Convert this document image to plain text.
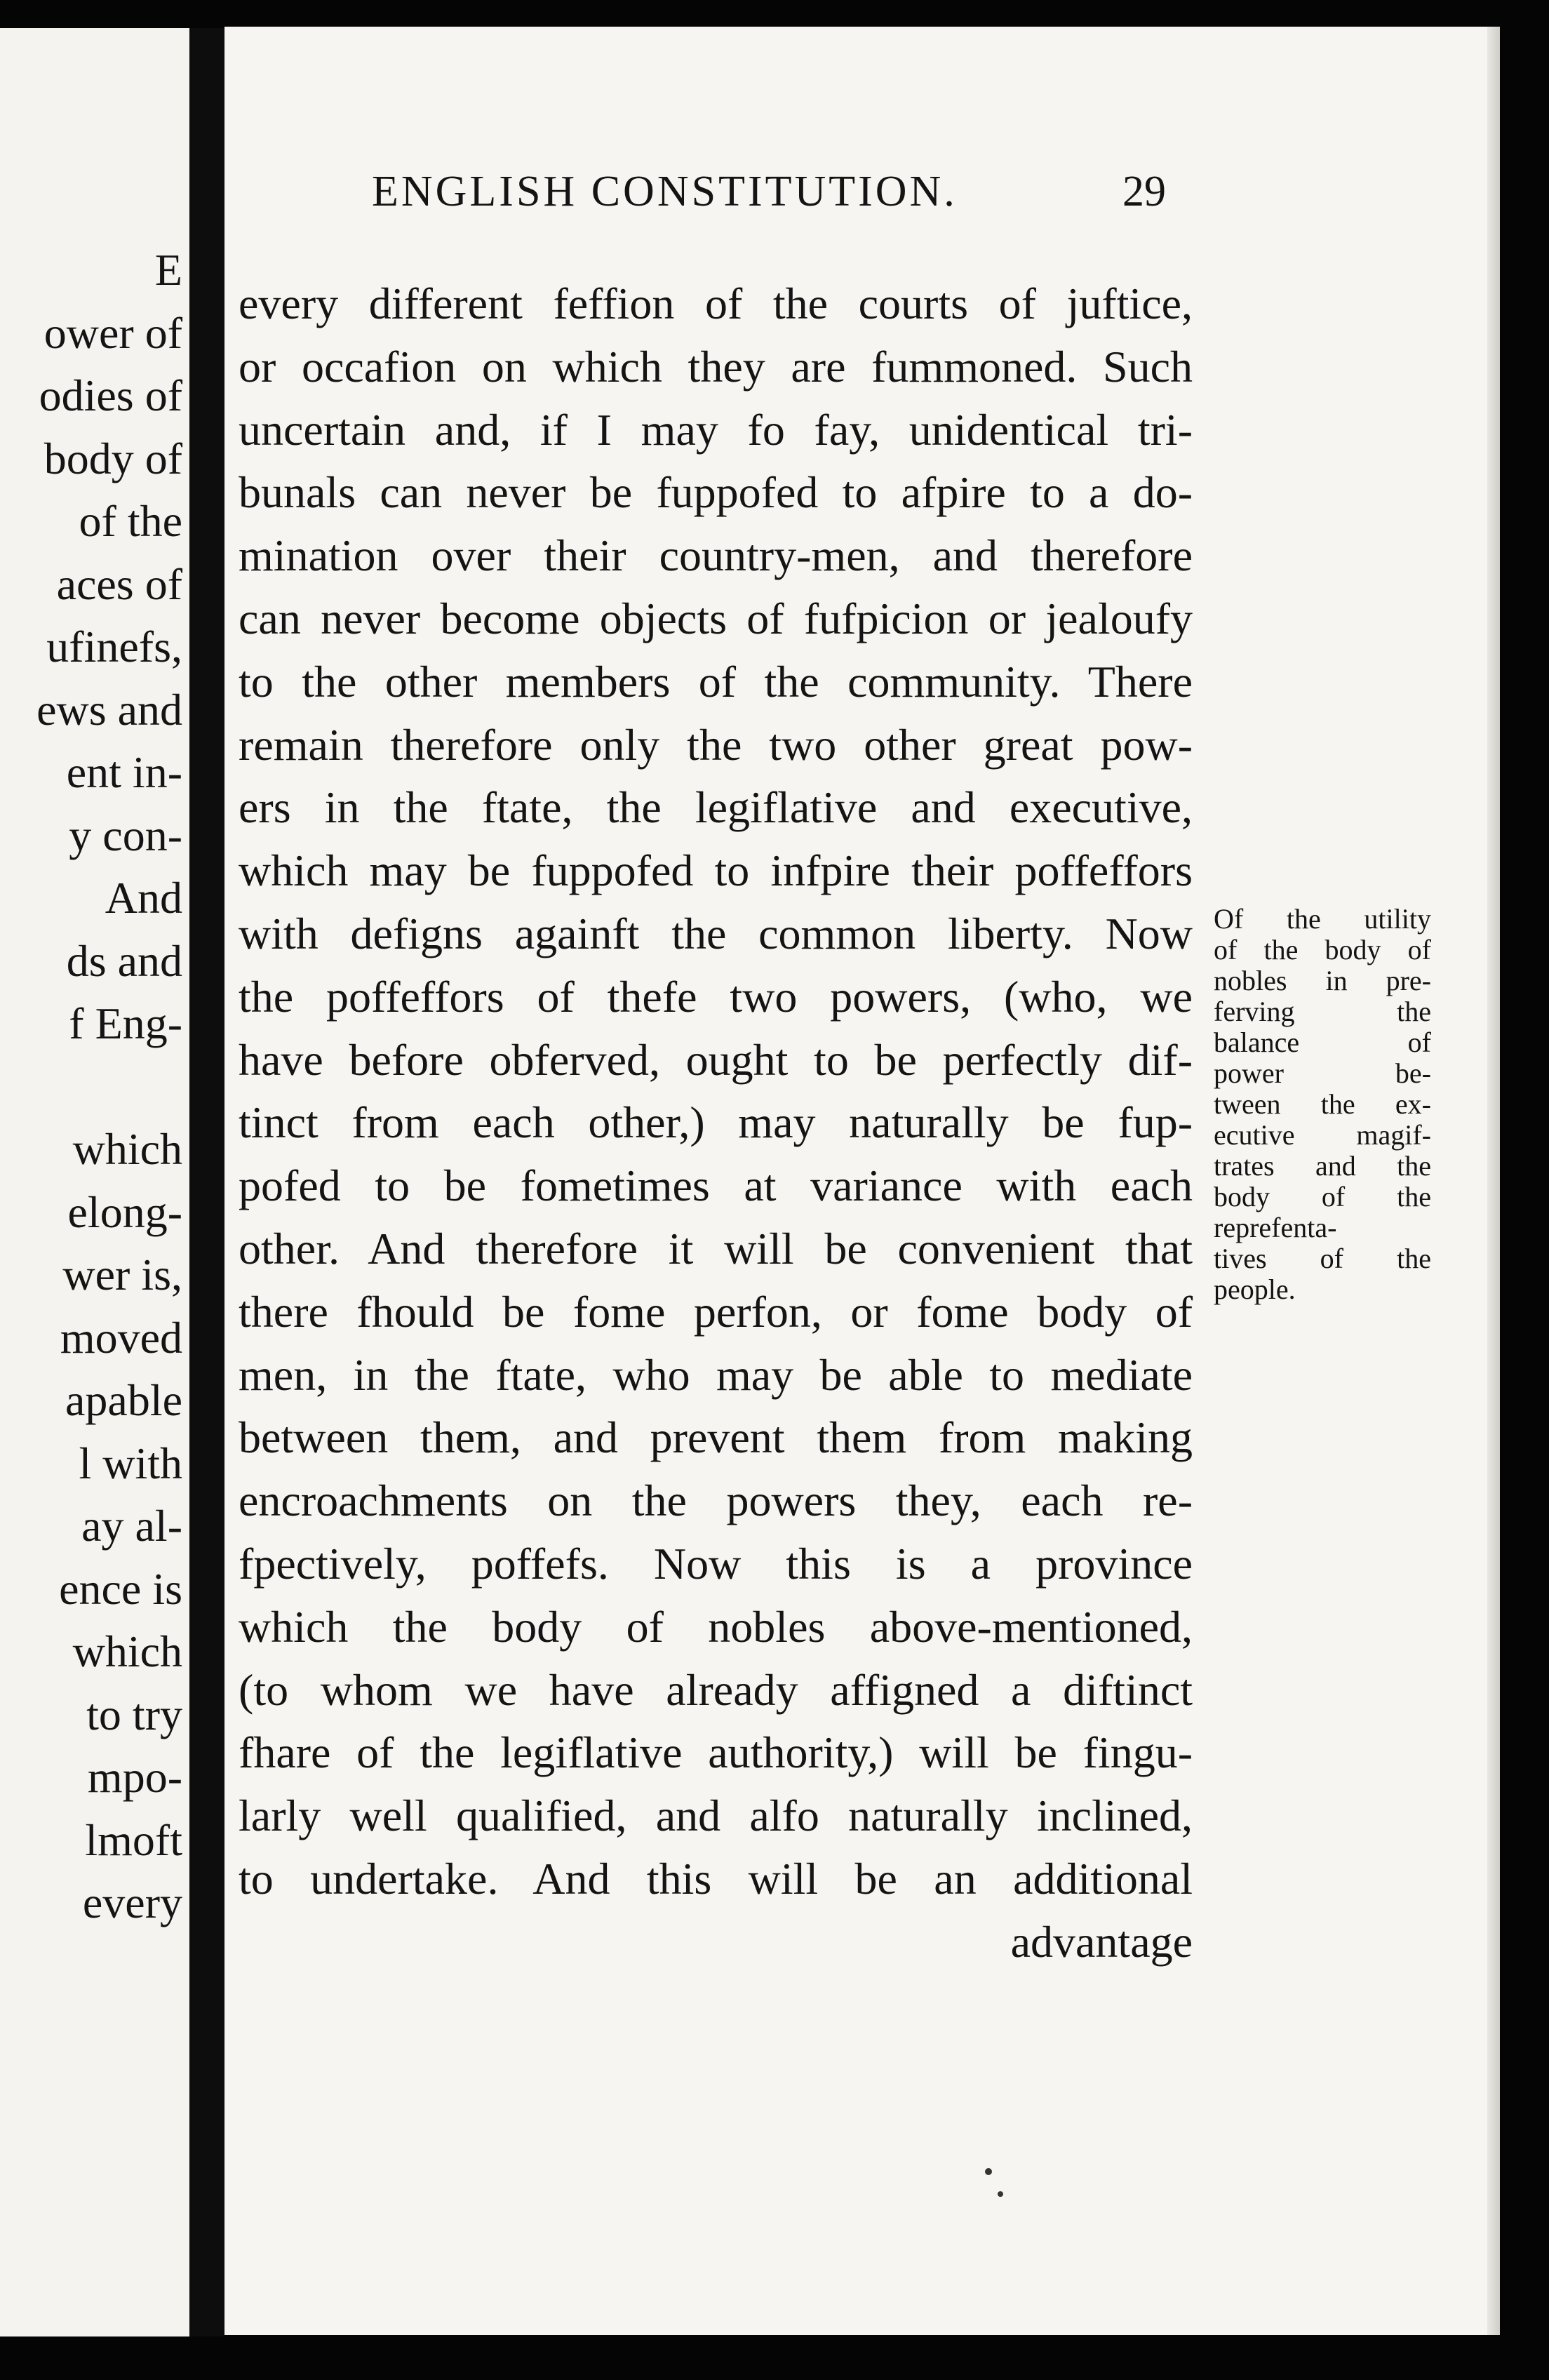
E
ower of
odies of
body of
of the
aces of
ufinefs,
ews and
ent in-
y con-
And
ds and
f Eng-
which
elong-
wer is,
moved
apable
l with
ay al-
ence is
which
to try
mpo-
lmoft
every
ENGLISH CONSTITUTION.	29
every different feffion of the courts of juftice,
or occafion on which they are fummoned. Such
uncertain and, if I may fo fay, unidentical tri-
bunals can never be fuppofed to afpire to a do-
mination over their country-men, and therefore
can never become objects of fufpicion or jealoufy
to the other members of the community. There
remain therefore only the two other great pow-
ers in the ftate, the legiflative and executive,
which may be fuppofed to infpire their poffeffors
with defigns againft the common liberty. Now
the poffeffors of thefe two powers, (who, we
have before obferved, ought to be perfectly dif-
tinct from each other,) may naturally be fup-
pofed to be fometimes at variance with each
other. And therefore it will be convenient that
there fhould be fome perfon, or fome body of
men, in the ftate, who may be able to mediate
between them, and prevent them from making
encroachments on the powers they, each re-
fpectively, poffefs. Now this is a province
which the body of nobles above-mentioned,
(to whom we have already affigned a diftinct
fhare of the legiflative authority,) will be fingu-
larly well qualified, and alfo naturally inclined,
to undertake. And this will be an additional
advantage
Of the utility
of the body of
nobles in pre-
ferving the
balance of
power be-
tween the ex-
ecutive magif-
trates and the
body of the
reprefenta-
tives of the
people.
